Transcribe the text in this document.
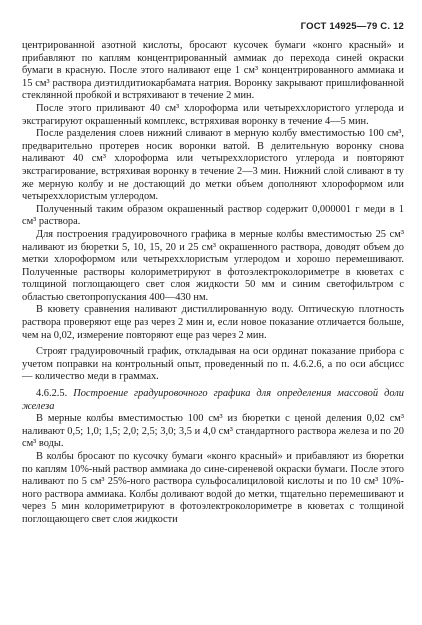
ГОСТ 14925—79 С. 12

центрированной азотной кислоты, бросают кусочек бумаги «конго красный» и прибавляют по каплям концентрированный аммиак до перехода синей окраски бумаги в красную. После этого наливают еще 1 см³ концентрированного аммиака и 15 см³ раствора диэтилдитиокарбамата натрия. Воронку закрывают пришлифованной стеклянной пробкой и встряхивают в течение 2 мин.

После этого приливают 40 см³ хлороформа или четыреххлористого углерода и экстрагируют окрашенный комплекс, встряхивая воронку в течение 4—5 мин.

После разделения слоев нижний сливают в мерную колбу вместимостью 100 см³, предварительно протерев носик воронки ватой. В делительную воронку снова наливают 40 см³ хлороформа или четыреххлористого углерода и повторяют экстрагирование, встряхивая воронку в течение 2—3 мин. Нижний слой сливают в ту же мерную колбу и не достающий до метки объем дополняют хлороформом или четыреххлористым углеродом.

Полученный таким образом окрашенный раствор содержит 0,000001 г меди в 1 см³ раствора.

Для построения градуировочного графика в мерные колбы вместимостью 25 см³ наливают из бюретки 5, 10, 15, 20 и 25 см³ окрашенного раствора, доводят объем до метки хлороформом или четыреххлористым углеродом и хорошо перемешивают. Полученные растворы колориметрируют в фотоэлектроколориметре в кюветах с толщиной поглощающего свет слоя жидкости 50 мм и синим светофильтром с областью светопропускания 400—430 нм.

В кювету сравнения наливают дистиллированную воду. Оптическую плотность раствора проверяют еще раз через 2 мин и, если новое показание отличается больше, чем на 0,02, измерение повторяют еще раз через 2 мин.

Строят градуировочный график, откладывая на оси ординат показание прибора с учетом поправки на контрольный опыт, проведенный по п. 4.6.2.6, а по оси абсцисс — количество меди в граммах.

4.6.2.5. Построение градуировочного графика для определения массовой доли железа

В мерные колбы вместимостью 100 см³ из бюретки с ценой деления 0,02 см³ наливают 0,5; 1,0; 1,5; 2,0; 2,5; 3,0; 3,5 и 4,0 см³ стандартного раствора железа и по 20 см³ воды.

В колбы бросают по кусочку бумаги «конго красный» и прибавляют из бюретки по каплям 10%-ный раствор аммиака до сине-сиреневой окраски бумаги. После этого наливают по 5 см³ 25%-ного раствора сульфосалициловой кислоты и по 10 см³ 10%-ного раствора аммиака. Колбы доливают водой до метки, тщательно перемешивают и через 5 мин колориметрируют в фотоэлектроколориметре в кюветах с толщиной поглощающего свет слоя жидкости
